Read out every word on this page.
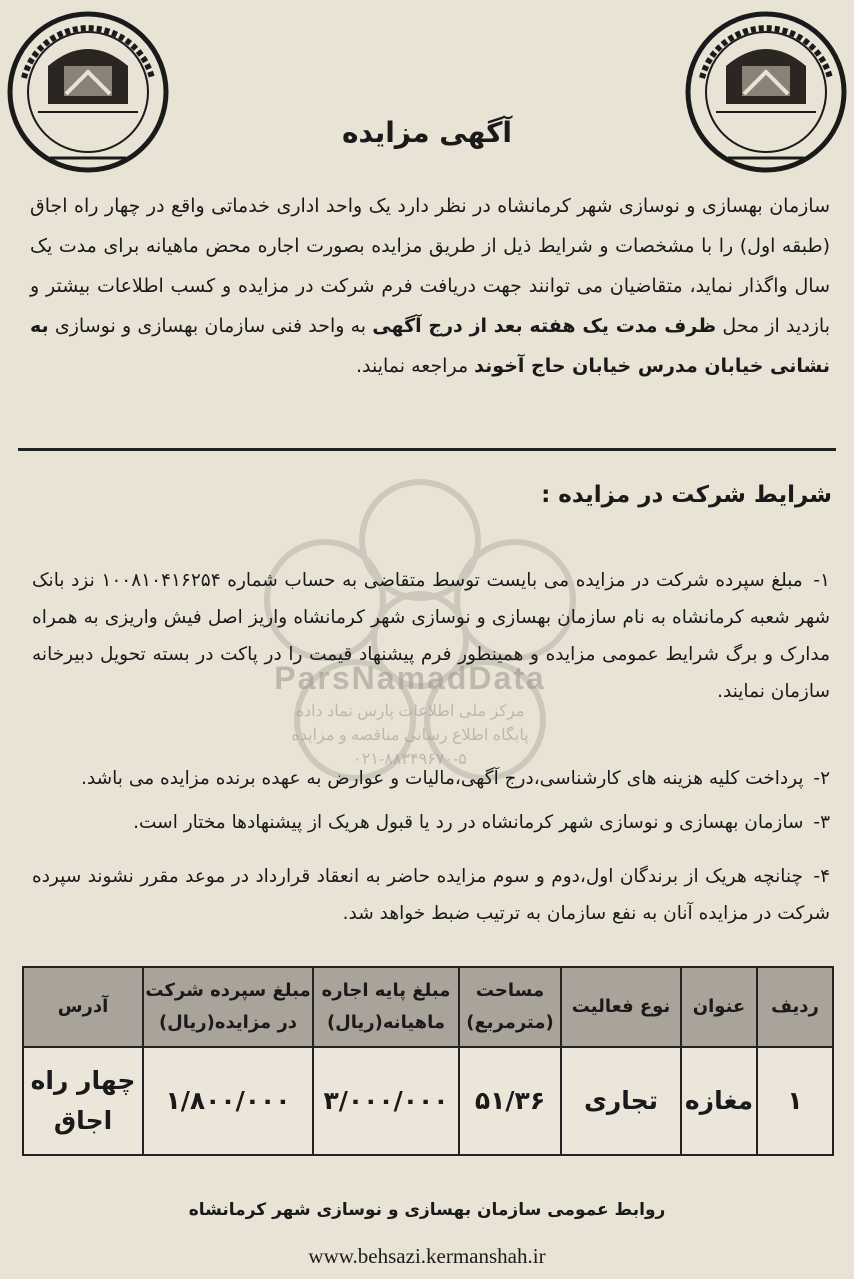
آگهی مزایده
سازمان بهسازی و نوسازی شهر کرمانشاه در نظر دارد یک واحد اداری خدماتی واقع در چهار راه اجاق (طبقه اول) را با مشخصات و شرایط ذیل از طریق مزایده بصورت اجاره محض ماهیانه برای مدت یک سال واگذار نماید، متقاضیان می توانند جهت دریافت فرم شرکت در مزایده و کسب اطلاعات بیشتر و بازدید از محل ظرف مدت یک هفته بعد از درج آگهی به واحد فنی سازمان بهسازی و نوسازی به نشانی خیابان مدرس خیابان حاج آخوند مراجعه نمایند.
ParsNamadData
مرکز ملی اطلاعات پارس نماد داده
پایگاه اطلاع رسانی مناقصه و مزایده
۰۲۱-۸۸۳۴۹۶۷۰-۵
شرایط شرکت در مزایده :
۱- مبلغ سپرده شرکت در مزایده می بایست توسط متقاضی به حساب شماره ۱۰۰۸۱۰۴۱۶۲۵۴ نزد بانک شهر شعبه کرمانشاه به نام سازمان بهسازی و نوسازی شهر کرمانشاه واریز اصل فیش واریزی به همراه مدارک و برگ شرایط عمومی مزایده و همینطور فرم پیشنهاد قیمت را در پاکت در بسته تحویل دبیرخانه سازمان نمایند.
۲- پرداخت کلیه هزینه های کارشناسی،درج آگهی،مالیات و عوارض به عهده برنده مزایده می باشد.
۳- سازمان بهسازی و نوسازی شهر کرمانشاه در رد یا قبول هریک از پیشنهادها مختار است.
۴- چنانچه هریک از برندگان اول،دوم و سوم مزایده حاضر به انعقاد قرارداد در موعد مقرر نشوند سپرده شرکت در مزایده آنان به نفع سازمان به ترتیب ضبط خواهد شد.
ردیف	عنوان	نوع فعالیت	مساحت (مترمربع)	مبلغ پایه اجاره ماهیانه(ریال)	مبلغ سپرده شرکت در مزایده(ریال)	آدرس
۱	مغازه	تجاری	۵۱/۳۶	۳/۰۰۰/۰۰۰	۱/۸۰۰/۰۰۰	چهار راه اجاق
روابط عمومی سازمان بهسازی و نوسازی شهر کرمانشاه
www.behsazi.kermanshah.ir
